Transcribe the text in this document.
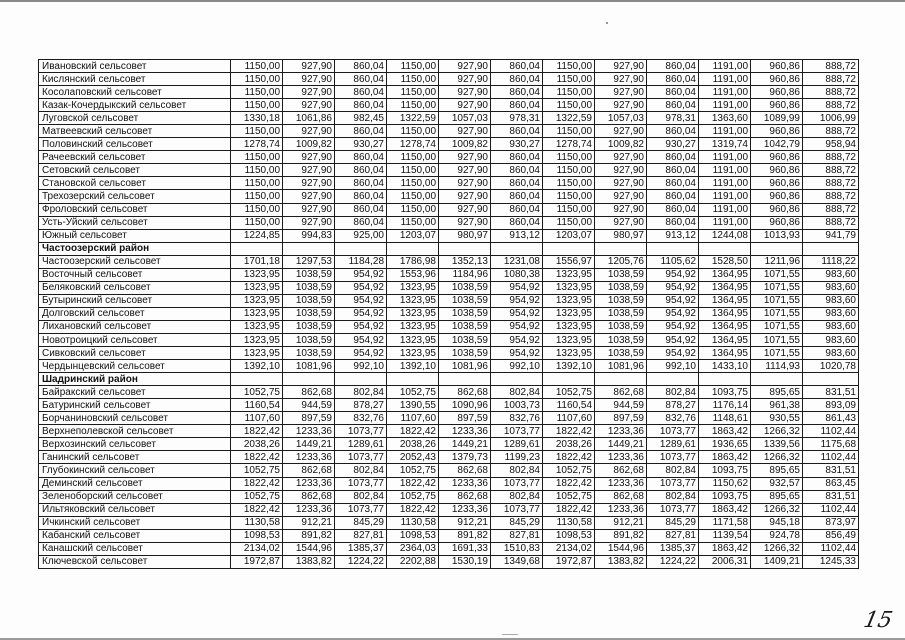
Ивановский сельсовет	1150,00	927,90	860,04	1150,00	927,90	860,04	1150,00	927,90	860,04	1191,00	960,86	888,72
Кислянский сельсовет	1150,00	927,90	860,04	1150,00	927,90	860,04	1150,00	927,90	860,04	1191,00	960,86	888,72
Косолаповский сельсовет	1150,00	927,90	860,04	1150,00	927,90	860,04	1150,00	927,90	860,04	1191,00	960,86	888,72
Казак-Кочердыкский сельсовет	1150,00	927,90	860,04	1150,00	927,90	860,04	1150,00	927,90	860,04	1191,00	960,86	888,72
Луговской сельсовет	1330,18	1061,86	982,45	1322,59	1057,03	978,31	1322,59	1057,03	978,31	1363,60	1089,99	1006,99
Матвеевский сельсовет	1150,00	927,90	860,04	1150,00	927,90	860,04	1150,00	927,90	860,04	1191,00	960,86	888,72
Половинский сельсовет	1278,74	1009,82	930,27	1278,74	1009,82	930,27	1278,74	1009,82	930,27	1319,74	1042,79	958,94
Рачеевский сельсовет	1150,00	927,90	860,04	1150,00	927,90	860,04	1150,00	927,90	860,04	1191,00	960,86	888,72
Сетовский сельсовет	1150,00	927,90	860,04	1150,00	927,90	860,04	1150,00	927,90	860,04	1191,00	960,86	888,72
Становской сельсовет	1150,00	927,90	860,04	1150,00	927,90	860,04	1150,00	927,90	860,04	1191,00	960,86	888,72
Трехозерский сельсовет	1150,00	927,90	860,04	1150,00	927,90	860,04	1150,00	927,90	860,04	1191,00	960,86	888,72
Фроловский сельсовет	1150,00	927,90	860,04	1150,00	927,90	860,04	1150,00	927,90	860,04	1191,00	960,86	888,72
Усть-Уйский сельсовет	1150,00	927,90	860,04	1150,00	927,90	860,04	1150,00	927,90	860,04	1191,00	960,86	888,72
Южный сельсовет	1224,85	994,83	925,00	1203,07	980,97	913,12	1203,07	980,97	913,12	1244,08	1013,93	941,79
Частоозерский район												
Частоозерский сельсовет	1701,18	1297,53	1184,28	1786,98	1352,13	1231,08	1556,97	1205,76	1105,62	1528,50	1211,96	1118,22
Восточный сельсовет	1323,95	1038,59	954,92	1553,96	1184,96	1080,38	1323,95	1038,59	954,92	1364,95	1071,55	983,60
Беляковский сельсовет	1323,95	1038,59	954,92	1323,95	1038,59	954,92	1323,95	1038,59	954,92	1364,95	1071,55	983,60
Бутыринский сельсовет	1323,95	1038,59	954,92	1323,95	1038,59	954,92	1323,95	1038,59	954,92	1364,95	1071,55	983,60
Долговский сельсовет	1323,95	1038,59	954,92	1323,95	1038,59	954,92	1323,95	1038,59	954,92	1364,95	1071,55	983,60
Лихановский сельсовет	1323,95	1038,59	954,92	1323,95	1038,59	954,92	1323,95	1038,59	954,92	1364,95	1071,55	983,60
Новотроицкий сельсовет	1323,95	1038,59	954,92	1323,95	1038,59	954,92	1323,95	1038,59	954,92	1364,95	1071,55	983,60
Сивковский сельсовет	1323,95	1038,59	954,92	1323,95	1038,59	954,92	1323,95	1038,59	954,92	1364,95	1071,55	983,60
Чердынцевский сельсовет	1392,10	1081,96	992,10	1392,10	1081,96	992,10	1392,10	1081,96	992,10	1433,10	1114,93	1020,78
Шадринский район												
Байракский сельсовет	1052,75	862,68	802,84	1052,75	862,68	802,84	1052,75	862,68	802,84	1093,75	895,65	831,51
Батуринский сельсовет	1160,54	944,59	878,27	1390,55	1090,96	1003,73	1160,54	944,59	878,27	1176,14	961,38	893,09
Борчаниновский сельсовет	1107,60	897,59	832,76	1107,60	897,59	832,76	1107,60	897,59	832,76	1148,61	930,55	861,43
Верхнеполевской сельсовет	1822,42	1233,36	1073,77	1822,42	1233,36	1073,77	1822,42	1233,36	1073,77	1863,42	1266,32	1102,44
Верхозинский сельсовет	2038,26	1449,21	1289,61	2038,26	1449,21	1289,61	2038,26	1449,21	1289,61	1936,65	1339,56	1175,68
Ганинский сельсовет	1822,42	1233,36	1073,77	2052,43	1379,73	1199,23	1822,42	1233,36	1073,77	1863,42	1266,32	1102,44
Глубокинский сельсовет	1052,75	862,68	802,84	1052,75	862,68	802,84	1052,75	862,68	802,84	1093,75	895,65	831,51
Деминский сельсовет	1822,42	1233,36	1073,77	1822,42	1233,36	1073,77	1822,42	1233,36	1073,77	1150,62	932,57	863,45
Зеленоборский сельсовет	1052,75	862,68	802,84	1052,75	862,68	802,84	1052,75	862,68	802,84	1093,75	895,65	831,51
Ильтяковский сельсовет	1822,42	1233,36	1073,77	1822,42	1233,36	1073,77	1822,42	1233,36	1073,77	1863,42	1266,32	1102,44
Ичкинский сельсовет	1130,58	912,21	845,29	1130,58	912,21	845,29	1130,58	912,21	845,29	1171,58	945,18	873,97
Кабанский сельсовет	1098,53	891,82	827,81	1098,53	891,82	827,81	1098,53	891,82	827,81	1139,54	924,78	856,49
Канашский сельсовет	2134,02	1544,96	1385,37	2364,03	1691,33	1510,83	2134,02	1544,96	1385,37	1863,42	1266,32	1102,44
Ключевской сельсовет	1972,87	1383,82	1224,22	2202,88	1530,19	1349,68	1972,87	1383,82	1224,22	2006,31	1409,21	1245,33
15
